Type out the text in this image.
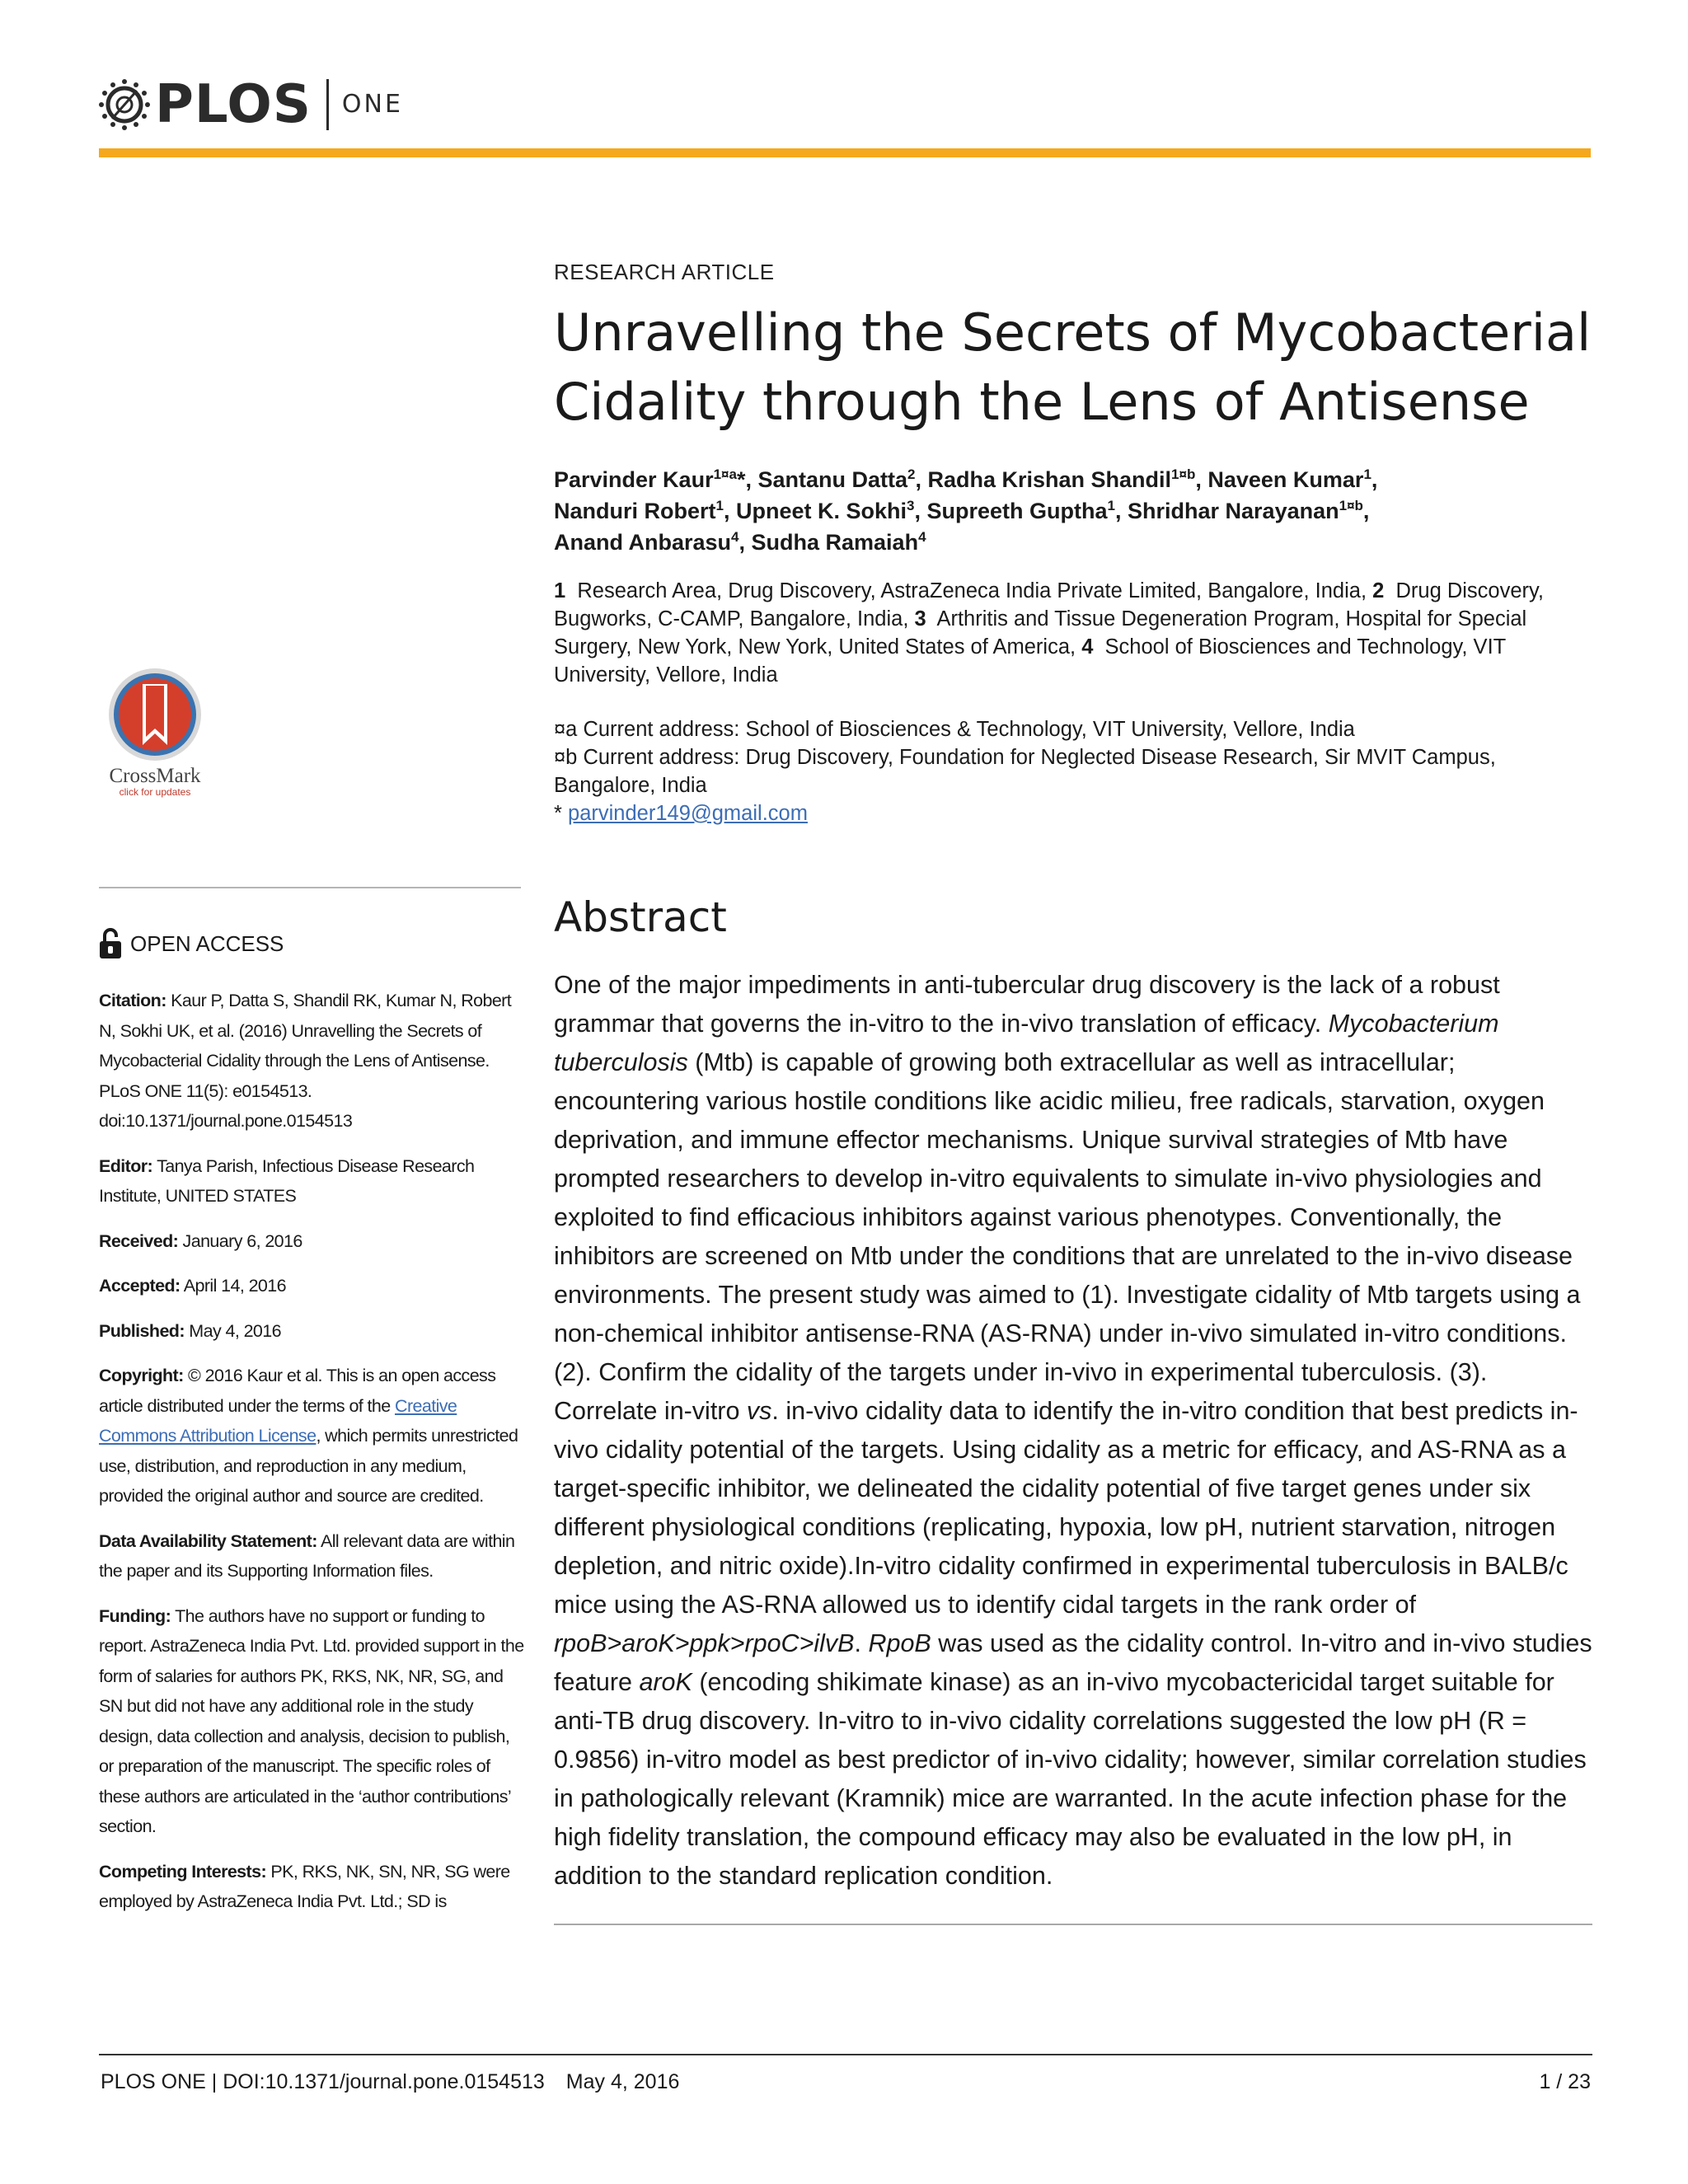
PLOS ONE
RESEARCH ARTICLE
Unravelling the Secrets of Mycobacterial
Cidality through the Lens of Antisense
Parvinder Kaur$^{1¤a}$*, Santanu Datta$^2$, Radha Krishan Shandil$^{1¤b}$, Naveen Kumar$^1$,
Nanduri Robert$^1$, Upneet K. Sokhi$^3$, Supreeth Guptha$^1$, Shridhar Narayanan$^{1¤b}$,
Anand Anbarasu$^4$, Sudha Ramaiah$^4$
1 Research Area, Drug Discovery, AstraZeneca India Private Limited, Bangalore, India, 2 Drug Discovery, Bugworks, C-CAMP, Bangalore, India, 3 Arthritis and Tissue Degeneration Program, Hospital for Special Surgery, New York, New York, United States of America, 4 School of Biosciences and Technology, VIT University, Vellore, India
¤a Current address: School of Biosciences & Technology, VIT University, Vellore, India
¤b Current address: Drug Discovery, Foundation for Neglected Disease Research, Sir MVIT Campus, Bangalore, India
* parvinder149@gmail.com
Abstract

One of the major impediments in anti-tubercular drug discovery is the lack of a robust grammar that governs the in-vitro to the in-vivo translation of efficacy. Mycobacterium tuberculosis (Mtb) is capable of growing both extracellular as well as intracellular; encountering various hostile conditions like acidic milieu, free radicals, starvation, oxygen deprivation, and immune effector mechanisms. Unique survival strategies of Mtb have prompted researchers to develop in-vitro equivalents to simulate in-vivo physiologies and exploited to find efficacious inhibitors against various phenotypes. Conventionally, the inhibitors are screened on Mtb under the conditions that are unrelated to the in-vivo disease environments. The present study was aimed to (1). Investigate cidality of Mtb targets using a non-chemical inhibitor antisense-RNA (AS-RNA) under in-vivo simulated in-vitro conditions.(2). Confirm the cidality of the targets under in-vivo in experimental tuberculosis. (3). Correlate in-vitro vs. in-vivo cidality data to identify the in-vitro condition that best predicts in-vivo cidality potential of the targets. Using cidality as a metric for efficacy, and AS-RNA as a target-specific inhibitor, we delineated the cidality potential of five target genes under six different physiological conditions (replicating, hypoxia, low pH, nutrient starvation, nitrogen depletion, and nitric oxide).In-vitro cidality confirmed in experimental tuberculosis in BALB/c mice using the AS-RNA allowed us to identify cidal targets in the rank order of rpoB>aroK>ppk>rpoC>ilvB. RpoB was used as the cidality control. In-vitro and in-vivo studies feature aroK (encoding shikimate kinase) as an in-vivo mycobactericidal target suitable for anti-TB drug discovery. In-vitro to in-vivo cidality correlations suggested the low pH (R = 0.9856) in-vitro model as best predictor of in-vivo cidality; however, similar correlation studies in pathologically relevant (Kramnik) mice are warranted. In the acute infection phase for the high fidelity translation, the compound efficacy may also be evaluated in the low pH, in addition to the standard replication condition.

CrossMark
click for updates
OPEN ACCESS

Citation: Kaur P, Datta S, Shandil RK, Kumar N, Robert N, Sokhi UK, et al. (2016) Unravelling the Secrets of Mycobacterial Cidality through the Lens of Antisense. PLoS ONE 11(5): e0154513. doi:10.1371/journal.pone.0154513

Editor: Tanya Parish, Infectious Disease Research Institute, UNITED STATES

Received: January 6, 2016

Accepted: April 14, 2016

Published: May 4, 2016

Copyright: © 2016 Kaur et al. This is an open access article distributed under the terms of the Creative Commons Attribution License, which permits unrestricted use, distribution, and reproduction in any medium, provided the original author and source are credited.

Data Availability Statement: All relevant data are within the paper and its Supporting Information files.

Funding: The authors have no support or funding to report. AstraZeneca India Pvt. Ltd. provided support in the form of salaries for authors PK, RKS, NK, NR, SG, and SN but did not have any additional role in the study design, data collection and analysis, decision to publish, or preparation of the manuscript. The specific roles of these authors are articulated in the ‘author contributions’ section.

Competing Interests: PK, RKS, NK, SN, NR, SG were employed by AstraZeneca India Pvt. Ltd.; SD is

PLOS ONE | DOI:10.1371/journal.pone.0154513 May 4, 2016	1 / 23
